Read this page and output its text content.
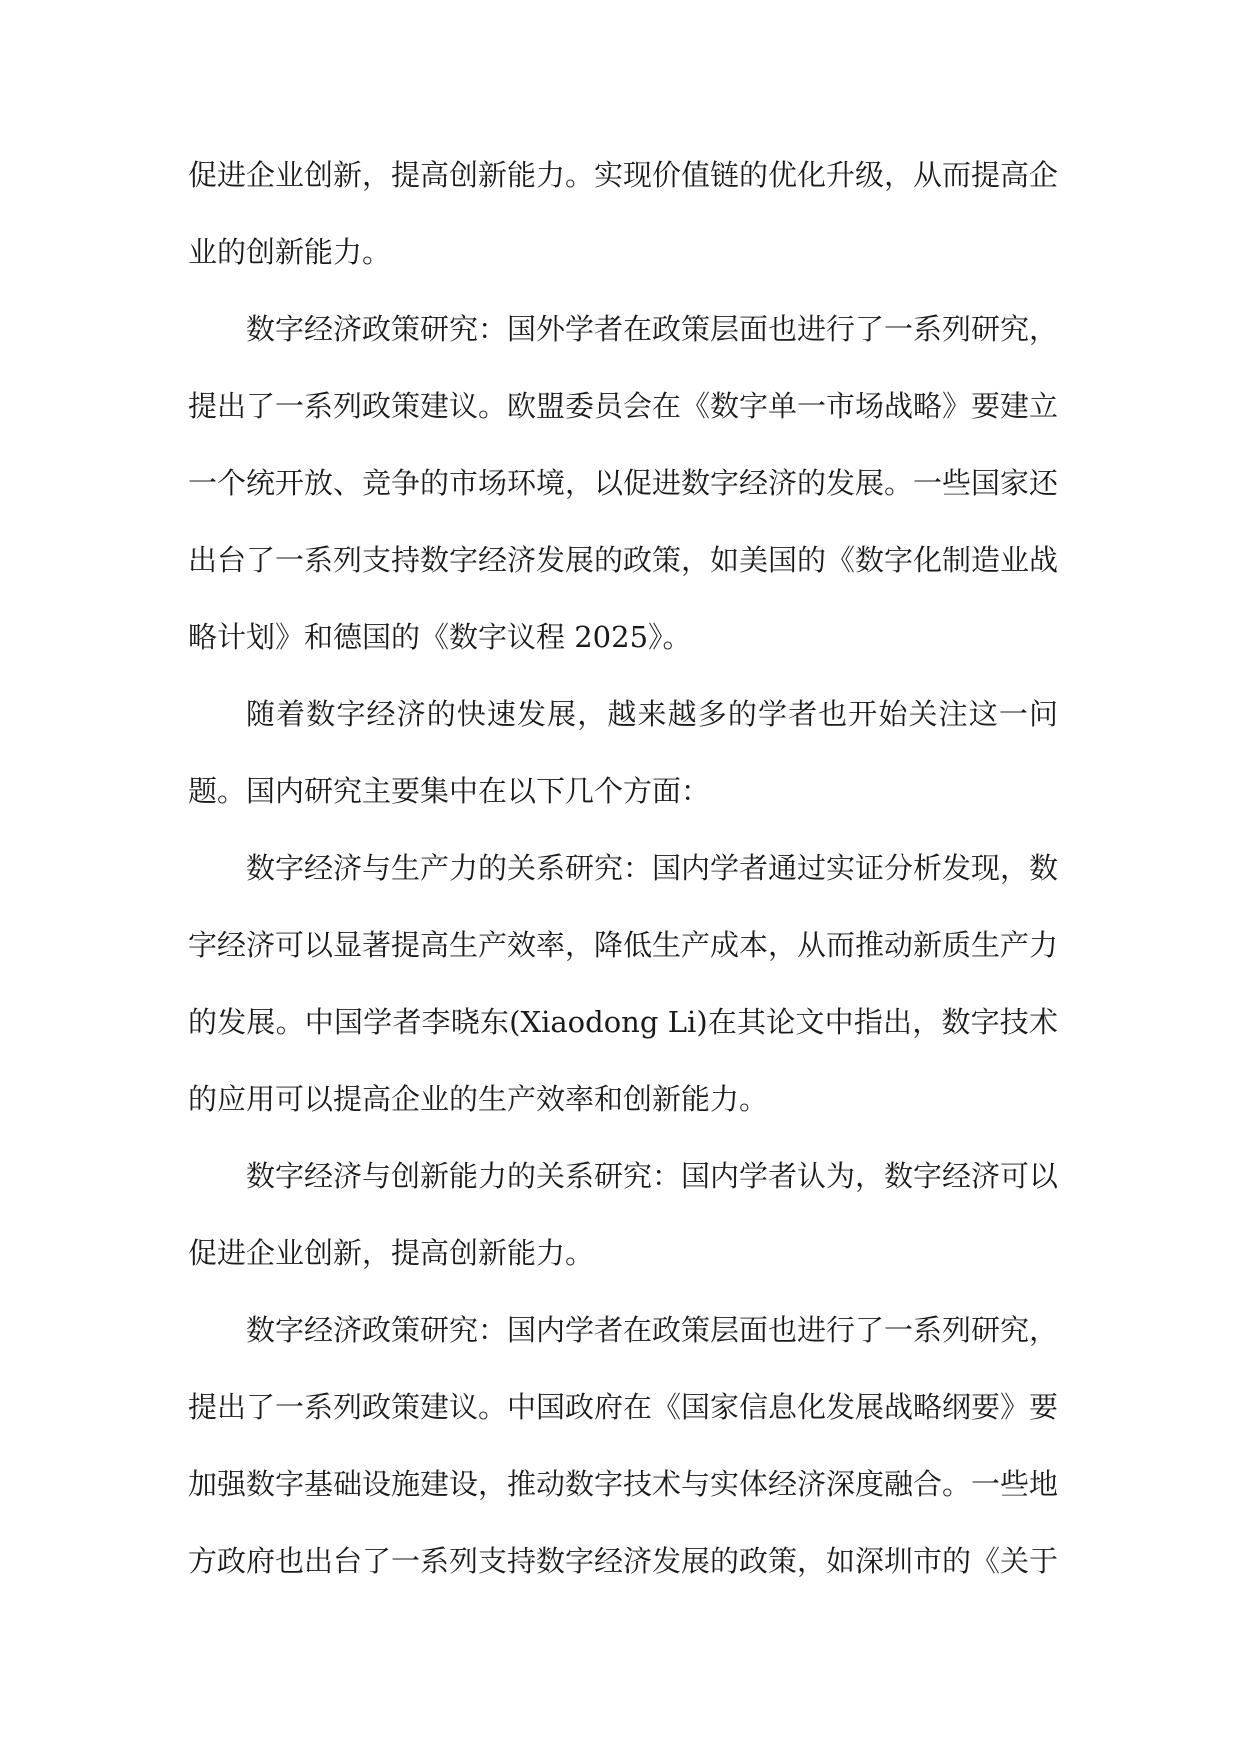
促进企业创新，提高创新能力。实现价值链的优化升级，从而提高企业的创新能力。

数字经济政策研究：国外学者在政策层面也进行了一系列研究，提出了一系列政策建议。欧盟委员会在《数字单一市场战略》要建立一个统开放、竞争的市场环境，以促进数字经济的发展。一些国家还出台了一系列支持数字经济发展的政策，如美国的《数字化制造业战略计划》和德国的《数字议程 2025》。

随着数字经济的快速发展，越来越多的学者也开始关注这一问题。国内研究主要集中在以下几个方面：

数字经济与生产力的关系研究：国内学者通过实证分析发现，数字经济可以显著提高生产效率，降低生产成本，从而推动新质生产力的发展。中国学者李晓东(Xiaodong Li)在其论文中指出，数字技术的应用可以提高企业的生产效率和创新能力。

数字经济与创新能力的关系研究：国内学者认为，数字经济可以促进企业创新，提高创新能力。

数字经济政策研究：国内学者在政策层面也进行了一系列研究，提出了一系列政策建议。中国政府在《国家信息化发展战略纲要》要加强数字基础设施建设，推动数字技术与实体经济深度融合。一些地方政府也出台了一系列支持数字经济发展的政策，如深圳市的《关于
